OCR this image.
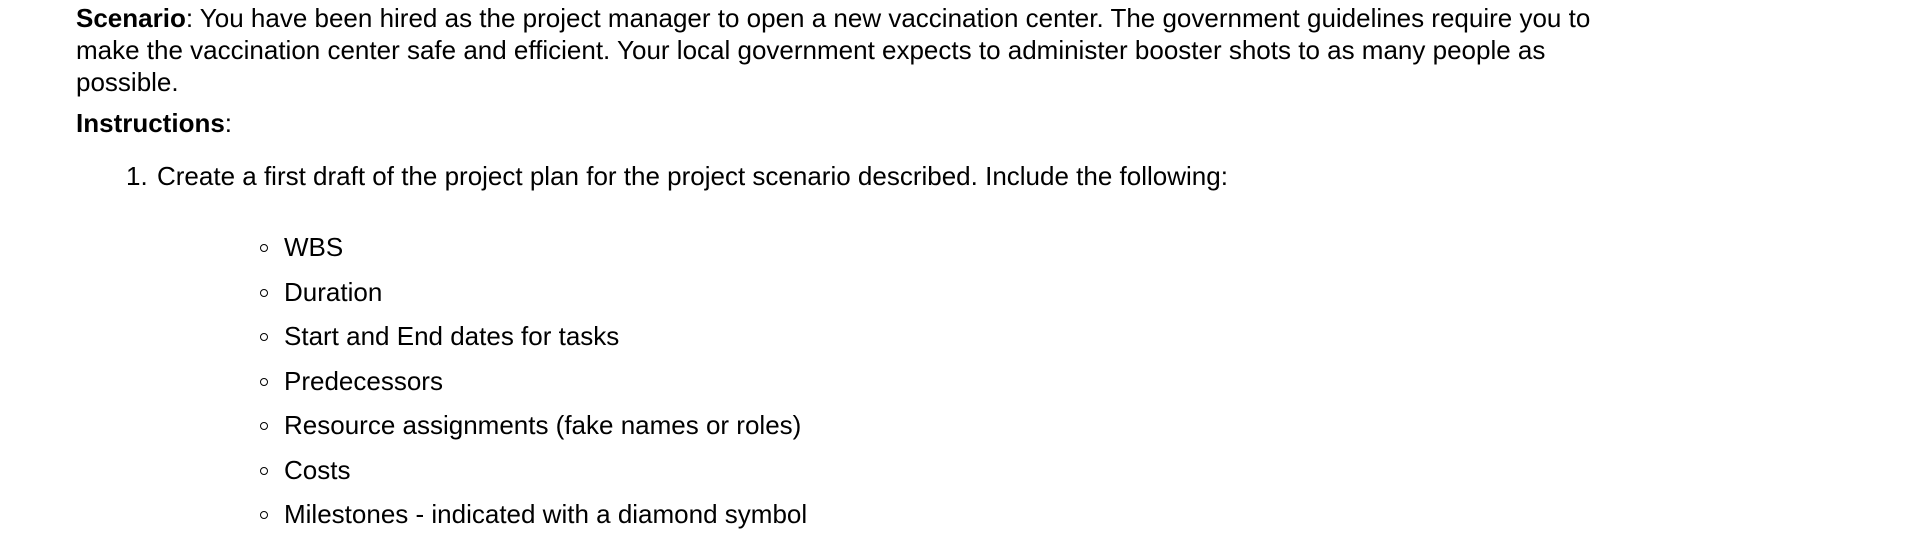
Scenario: You have been hired as the project manager to open a new vaccination center. The government guidelines require you to make the vaccination center safe and efficient. Your local government expects to administer booster shots to as many people as possible.

Instructions:

1. Create a first draft of the project plan for the project scenario described. Include the following:
WBS
Duration
Start and End dates for tasks
Predecessors
Resource assignments (fake names or roles)
Costs
Milestones - indicated with a diamond symbol
